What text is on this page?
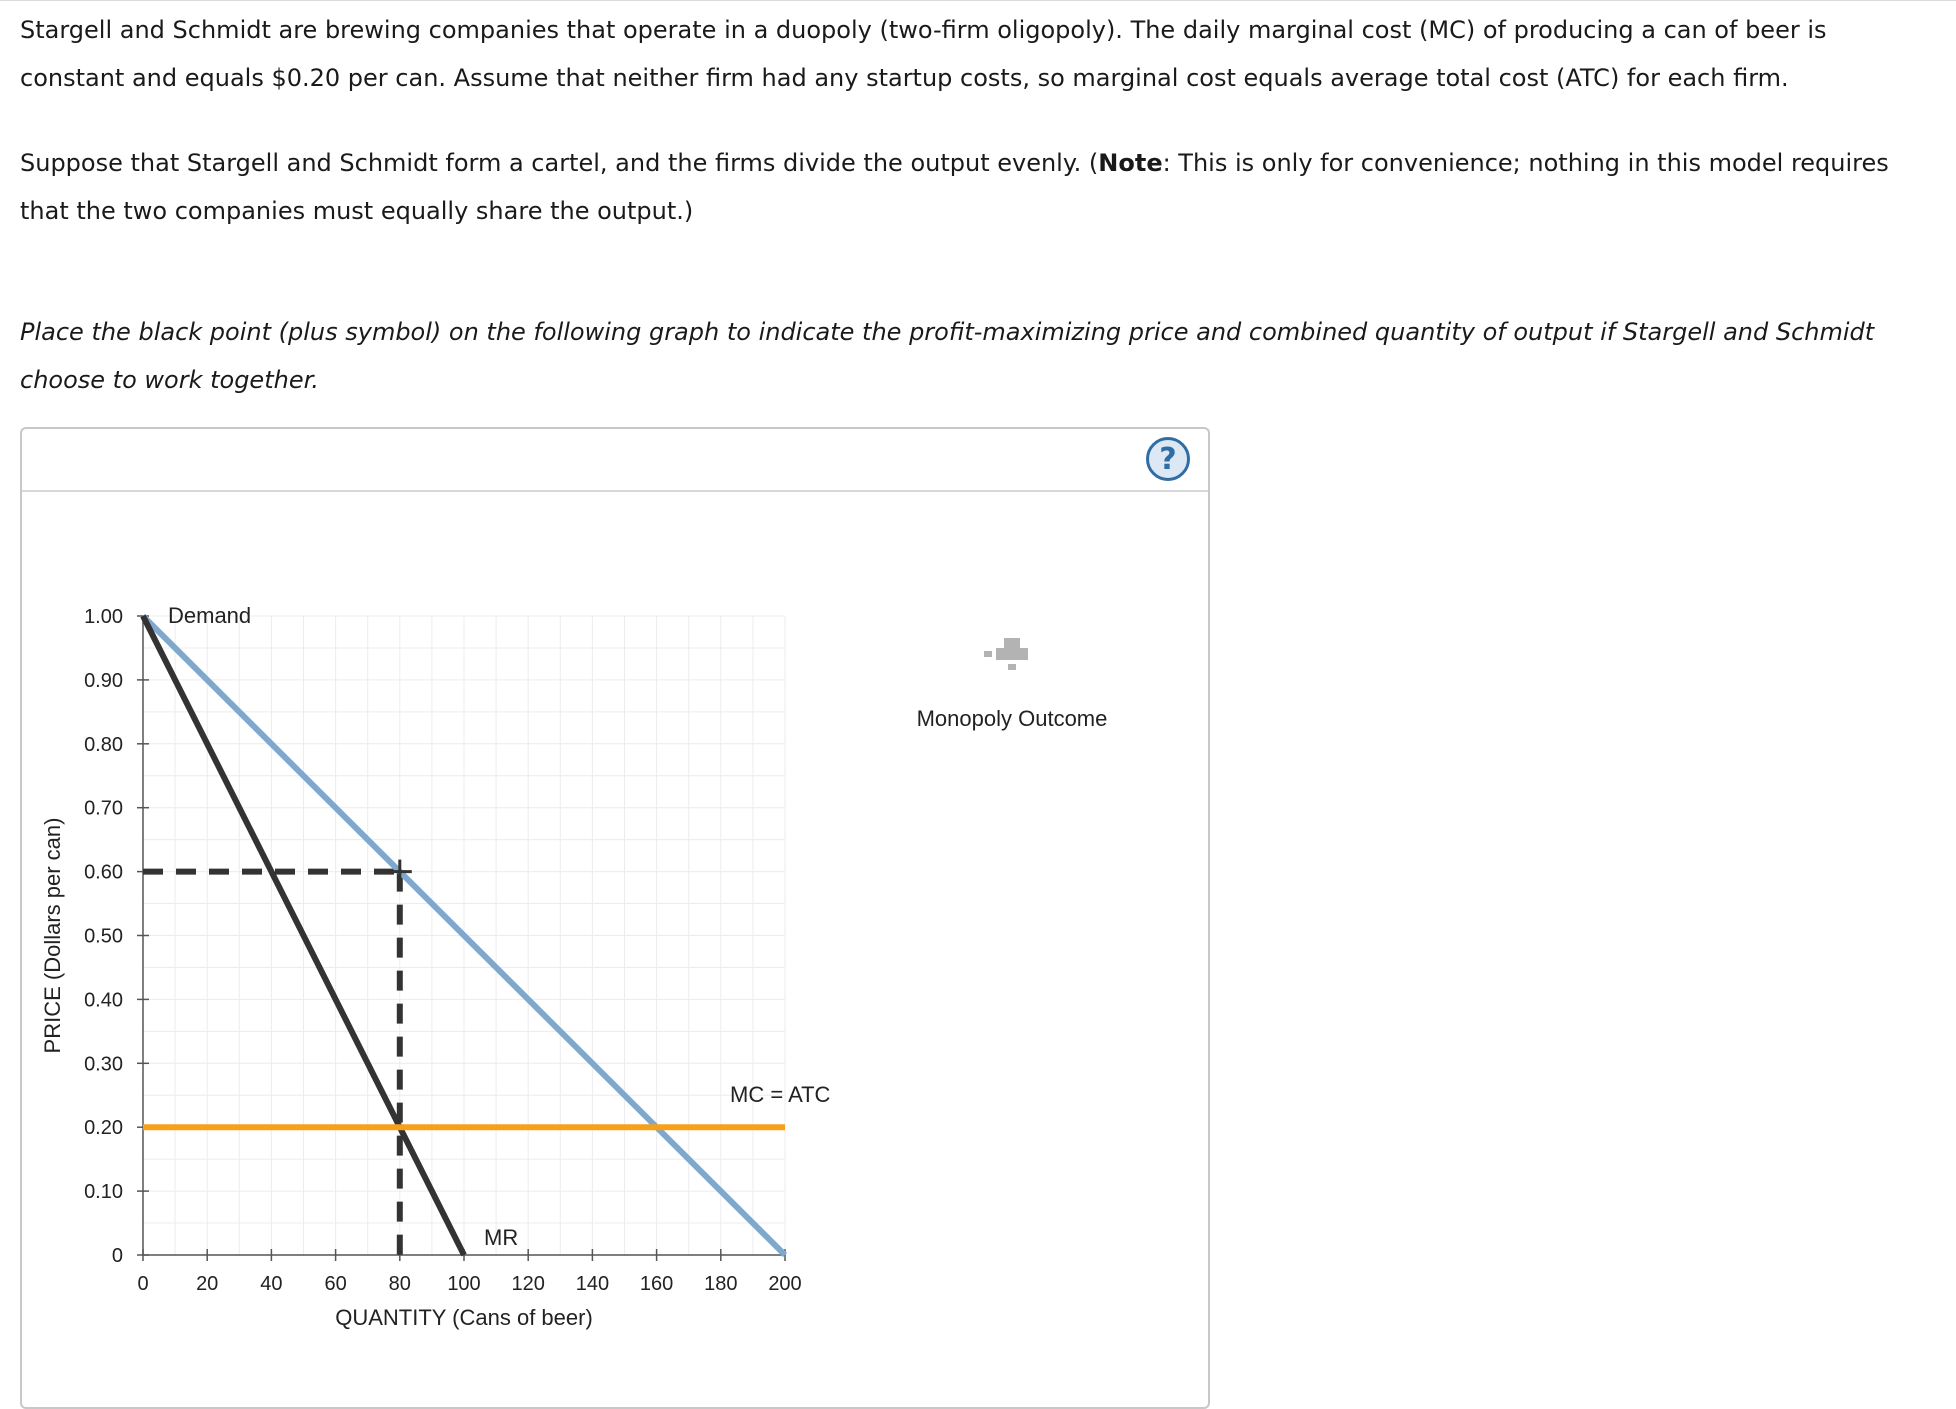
Stargell and Schmidt are brewing companies that operate in a duopoly (two-firm oligopoly). The daily marginal cost (MC) of producing a can of beer is constant and equals $0.20 per can. Assume that neither firm had any startup costs, so marginal cost equals average total cost (ATC) for each firm.

Suppose that Stargell and Schmidt form a cartel, and the firms divide the output evenly. (Note: This is only for convenience; nothing in this model requires that the two companies must equally share the output.)

Place the black point (plus symbol) on the following graph to indicate the profit-maximizing price and combined quantity of output if Stargell and Schmidt choose to work together.

?
0 20 40 60 80 100 120 140 160 180 200
0
0.10
0.20
0.30
0.40
0.50
0.60
0.70
0.80
0.90
1.00
QUANTITY (Cans of beer)
PRICE (Dollars per can)
Demand
MR
MC = ATC
Monopoly Outcome
